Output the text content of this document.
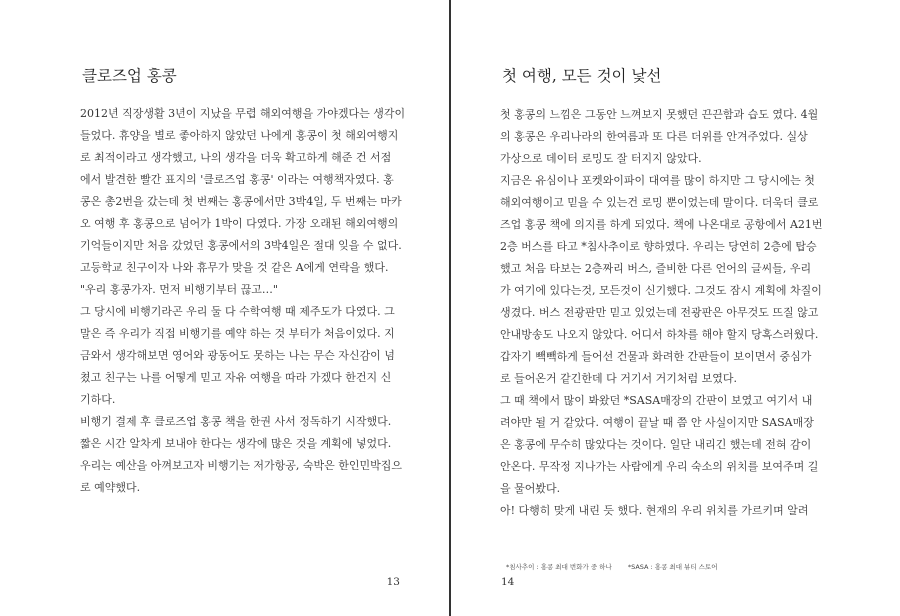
클로즈업 홍콩
2012년 직장생활 3년이 지났을 무렵 해외여행을 가야겠다는 생각이
들었다. 휴양을 별로 좋아하지 않았던 나에게 홍콩이 첫 해외여행지
로 최적이라고 생각했고, 나의 생각을 더욱 확고하게 해준 건 서점
에서 발견한 빨간 표지의 '클로즈업 홍콩' 이라는 여행책자였다. 홍
콩은 총2번을 갔는데 첫 번째는 홍콩에서만 3박4일, 두 번째는 마카
오 여행 후 홍콩으로 넘어가 1박이 다였다. 가장 오래된 해외여행의
기억들이지만 처음 갔었던 홍콩에서의 3박4일은 절대 잊을 수 없다.
고등학교 친구이자 나와 휴무가 맞을 것 같은 A에게 연락을 했다.
"우리 홍콩가자. 먼저 비행기부터 끊고…"
그 당시에 비행기라곤 우리 둘 다 수학여행 때 제주도가 다였다. 그
말은 즉 우리가 직접 비행기를 예약 하는 것 부터가 처음이었다. 지
금와서 생각해보면 영어와 광동어도 못하는 나는 무슨 자신감이 넘
쳤고 친구는 나를 어떻게 믿고 자유 여행을 따라 가겠다 한건지 신
기하다.
비행기 결제 후 클로즈업 홍콩 책을 한권 사서 정독하기 시작했다.
짧은 시간 알차게 보내야 한다는 생각에 많은 것을 계획에 넣었다.
우리는 예산을 아껴보고자 비행기는 저가항공, 숙박은 한인민박집으
로 예약했다.
13
첫 여행, 모든 것이 낯선
첫 홍콩의 느낌은 그동안 느껴보지 못했던 끈끈함과 습도 였다. 4월
의 홍콩은 우리나라의 한여름과 또 다른 더위를 안겨주었다. 실상
가상으로 데이터 로밍도 잘 터지지 않았다.
지금은 유심이나 포켓와이파이 대여를 많이 하지만 그 당시에는 첫
해외여행이고 믿을 수 있는건 로밍 뿐이었는데 말이다. 더욱더 클로
즈업 홍콩 책에 의지를 하게 되었다. 책에 나온대로 공항에서 A21번
2층 버스를 타고 *침사추이로 향하였다. 우리는 당연히 2층에 탑승
했고 처음 타보는 2층짜리 버스, 즐비한 다른 언어의 글씨들, 우리
가 여기에 있다는것, 모든것이 신기했다. 그것도 잠시 계획에 차질이
생겼다. 버스 전광판만 믿고 있었는데 전광판은 아무것도 뜨질 않고
안내방송도 나오지 않았다. 어디서 하차를 해야 할지 당혹스러웠다.
갑자기 빽빽하게 들어선 건물과 화려한 간판들이 보이면서 중심가
로 들어온거 같긴한데 다 거기서 거기처럼 보였다.
그 때 책에서 많이 봐왔던 *SASA매장의 간판이 보였고 여기서 내
려야만 될 거 같았다. 여행이 끝날 때 쯤 안 사실이지만 SASA매장
은 홍콩에 무수히 많았다는 것이다. 일단 내리긴 했는데 전혀 감이
안온다. 무작정 지나가는 사람에게 우리 숙소의 위치를 보여주며 길
을 물어봤다.
아! 다행히 맞게 내린 듯 했다. 현재의 우리 위치를 가르키며 알려
*침사추이 : 홍콩 최대 번화가 중 하나 *SASA : 홍콩 최대 뷰티 스토어
14
